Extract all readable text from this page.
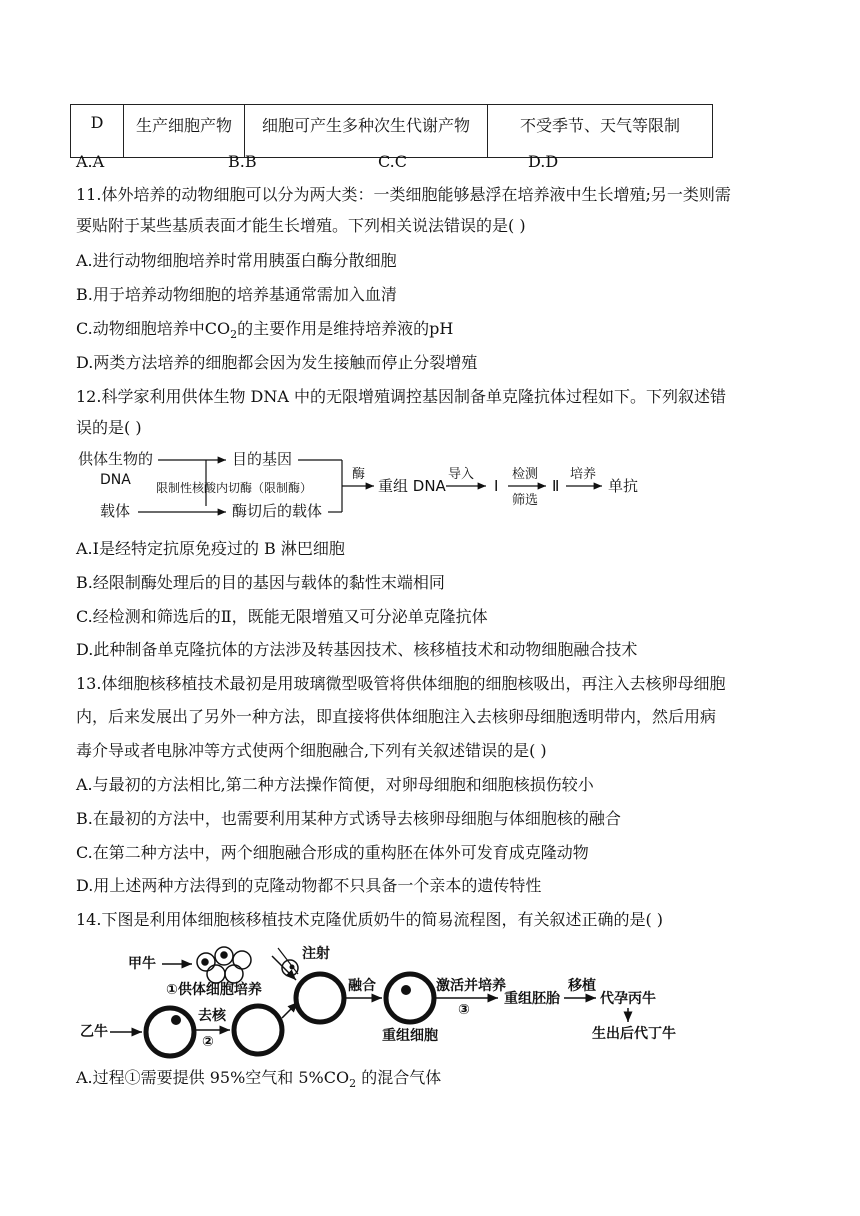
D	生产细胞产物	细胞可产生多种次生代谢产物	不受季节、天气等限制
A.A	B.B	C.C	D.D
11.体外培养的动物细胞可以分为两大类：一类细胞能够悬浮在培养液中生长增殖;另一类则需
要贴附于某些基质表面才能生长增殖。下列相关说法错误的是( )
A.进行动物细胞培养时常用胰蛋白酶分散细胞
B.用于培养动物细胞的培养基通常需加入血清
C.动物细胞培养中$CO_2$的主要作用是维持培养液的pH
D.两类方法培养的细胞都会因为发生接触而停止分裂增殖
12.科学家利用供体生物 DNA 中的无限增殖调控基因制备单克隆抗体过程如下。下列叙述错
误的是( )
供体生物的
DNA
目的基因
限制性核酸内切酶（限制酶）
载体	酶切后的载体
酶
重组 DNA
导入
Ⅰ
检测
筛选
Ⅱ
培养
单抗
A.Ⅰ是经特定抗原免疫过的 B 淋巴细胞
B.经限制酶处理后的目的基因与载体的黏性末端相同
C.经检测和筛选后的Ⅱ，既能无限增殖又可分泌单克隆抗体
D.此种制备单克隆抗体的方法涉及转基因技术、核移植技术和动物细胞融合技术
13.体细胞核移植技术最初是用玻璃微型吸管将供体细胞的细胞核吸出，再注入去核卵母细胞
内，后来发展出了另外一种方法，即直接将供体细胞注入去核卵母细胞透明带内，然后用病
毒介导或者电脉冲等方式使两个细胞融合,下列有关叙述错误的是( )
A.与最初的方法相比,第二种方法操作简便，对卵母细胞和细胞核损伤较小
B.在最初的方法中，也需要利用某种方式诱导去核卵母细胞与体细胞核的融合
C.在第二种方法中，两个细胞融合形成的重构胚在体外可发育成克隆动物
D.用上述两种方法得到的克隆动物都不只具备一个亲本的遗传特性
14.下图是利用体细胞核移植技术克隆优质奶牛的简易流程图，有关叙述正确的是( )
甲牛
①供体细胞培养
注射
乙牛
去核
②
融合
重组细胞
激活并培养
③
重组胚胎
移植
代孕丙牛
生出后代丁牛
A.过程①需要提供 95%空气和 $5\%CO_2$ 的混合气体
